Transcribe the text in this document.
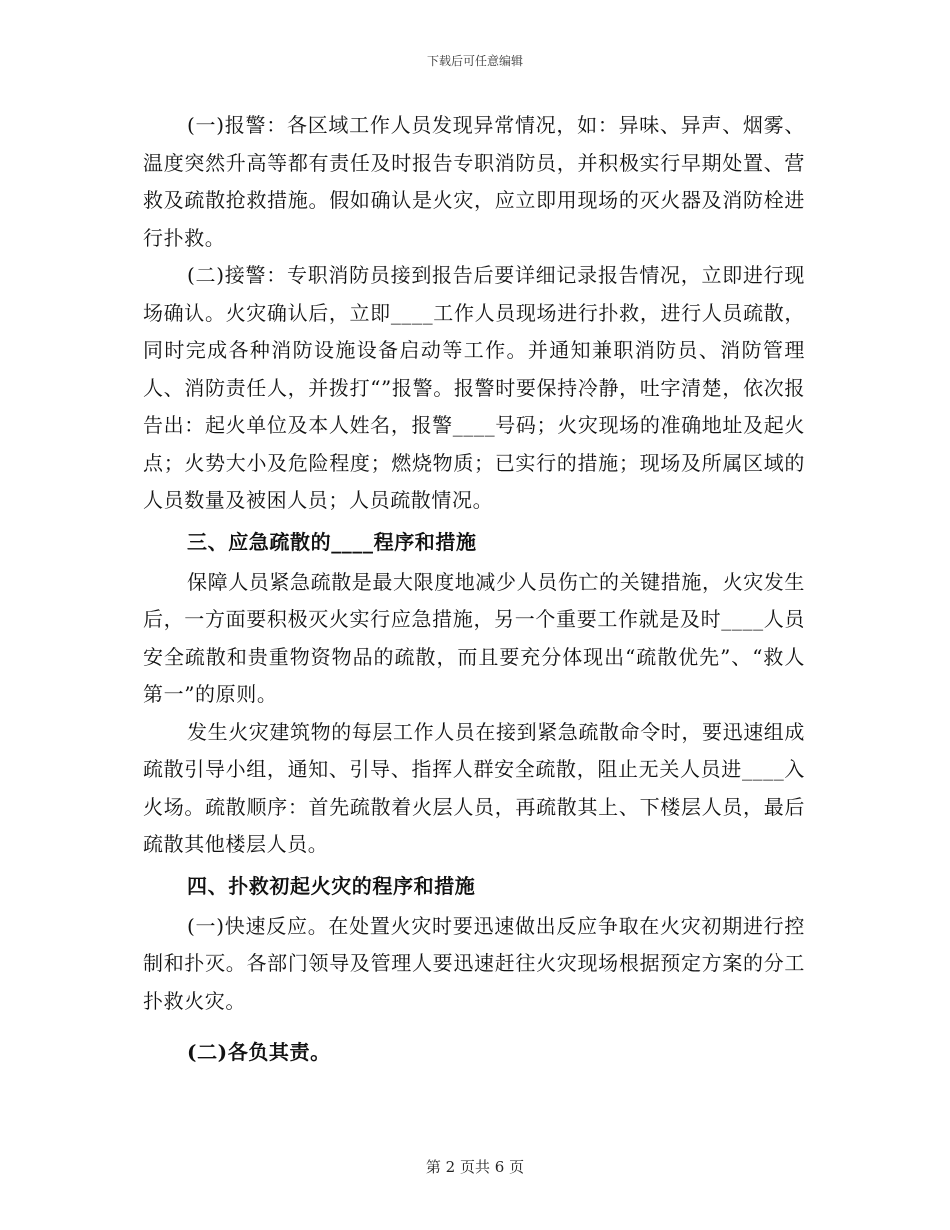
下载后可任意编辑

(一)报警：各区域工作人员发现异常情况，如：异味、异声、烟雾、温度突然升高等都有责任及时报告专职消防员，并积极实行早期处置、营救及疏散抢救措施。假如确认是火灾，应立即用现场的灭火器及消防栓进行扑救。

(二)接警：专职消防员接到报告后要详细记录报告情况，立即进行现场确认。火灾确认后，立即____工作人员现场进行扑救，进行人员疏散，同时完成各种消防设施设备启动等工作。并通知兼职消防员、消防管理人、消防责任人，并拨打“”报警。报警时要保持冷静，吐字清楚，依次报告出：起火单位及本人姓名，报警____号码；火灾现场的准确地址及起火点；火势大小及危险程度；燃烧物质；已实行的措施；现场及所属区域的人员数量及被困人员；人员疏散情况。

三、应急疏散的____程序和措施

保障人员紧急疏散是最大限度地减少人员伤亡的关键措施，火灾发生后，一方面要积极灭火实行应急措施，另一个重要工作就是及时____人员安全疏散和贵重物资物品的疏散，而且要充分体现出“疏散优先”、“救人第一”的原则。

发生火灾建筑物的每层工作人员在接到紧急疏散命令时，要迅速组成疏散引导小组，通知、引导、指挥人群安全疏散，阻止无关人员进____入火场。疏散顺序：首先疏散着火层人员，再疏散其上、下楼层人员，最后疏散其他楼层人员。

四、扑救初起火灾的程序和措施

(一)快速反应。在处置火灾时要迅速做出反应争取在火灾初期进行控制和扑灭。各部门领导及管理人要迅速赶往火灾现场根据预定方案的分工扑救火灾。

(二)各负其责。

第 2 页共 6 页
